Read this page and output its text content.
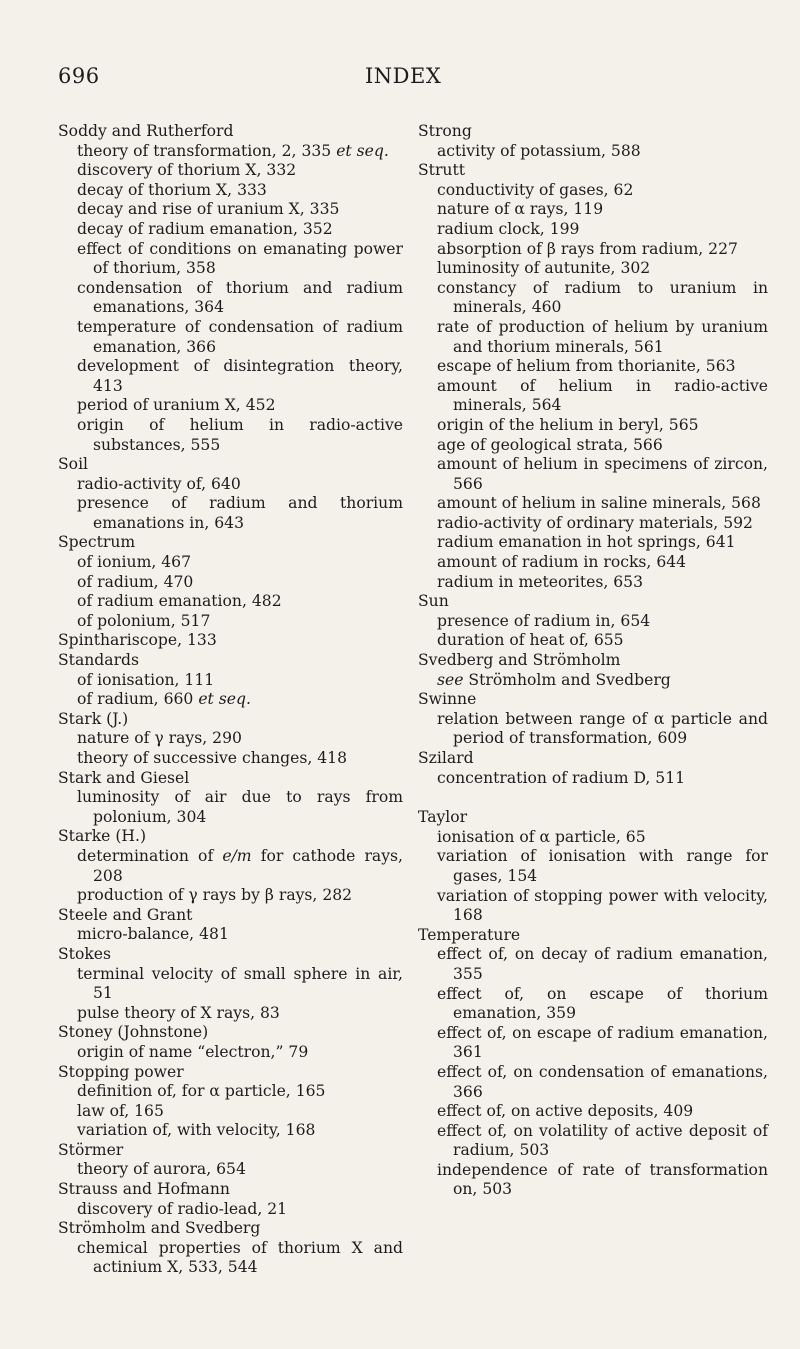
696	INDEX
Soddy and Rutherford
theory of transformation, 2, 335 et seq.
discovery of thorium X, 332
decay of thorium X, 333
decay and rise of uranium X, 335
decay of radium emanation, 352
effect of conditions on emanating power of thorium, 358
condensation of thorium and radium emanations, 364
temperature of condensation of radium emanation, 366
development of disintegration theory, 413
period of uranium X, 452
origin of helium in radio-active substances, 555
Soil
radio-activity of, 640
presence of radium and thorium emanations in, 643
Spectrum
of ionium, 467
of radium, 470
of radium emanation, 482
of polonium, 517
Spinthariscope, 133
Standards
of ionisation, 111
of radium, 660 et seq.
Stark (J.)
nature of γ rays, 290
theory of successive changes, 418
Stark and Giesel
luminosity of air due to rays from polonium, 304
Starke (H.)
determination of e/m for cathode rays, 208
production of γ rays by β rays, 282
Steele and Grant
micro-balance, 481
Stokes
terminal velocity of small sphere in air, 51
pulse theory of X rays, 83
Stoney (Johnstone)
origin of name “electron,” 79
Stopping power
definition of, for α particle, 165
law of, 165
variation of, with velocity, 168
Störmer
theory of aurora, 654
Strauss and Hofmann
discovery of radio-lead, 21
Strömholm and Svedberg
chemical properties of thorium X and actinium X, 533, 544
Strong
activity of potassium, 588
Strutt
conductivity of gases, 62
nature of α rays, 119
radium clock, 199
absorption of β rays from radium, 227
luminosity of autunite, 302
constancy of radium to uranium in minerals, 460
rate of production of helium by uranium and thorium minerals, 561
escape of helium from thorianite, 563
amount of helium in radio-active minerals, 564
origin of the helium in beryl, 565
age of geological strata, 566
amount of helium in specimens of zircon, 566
amount of helium in saline minerals, 568
radio-activity of ordinary materials, 592
radium emanation in hot springs, 641
amount of radium in rocks, 644
radium in meteorites, 653
Sun
presence of radium in, 654
duration of heat of, 655
Svedberg and Strömholm
see Strömholm and Svedberg
Swinne
relation between range of α particle and period of transformation, 609
Szilard
concentration of radium D, 511
Taylor
ionisation of α particle, 65
variation of ionisation with range for gases, 154
variation of stopping power with velocity, 168
Temperature
effect of, on decay of radium emanation, 355
effect of, on escape of thorium emanation, 359
effect of, on escape of radium emanation, 361
effect of, on condensation of emanations, 366
effect of, on active deposits, 409
effect of, on volatility of active deposit of radium, 503
independence of rate of transformation on, 503
